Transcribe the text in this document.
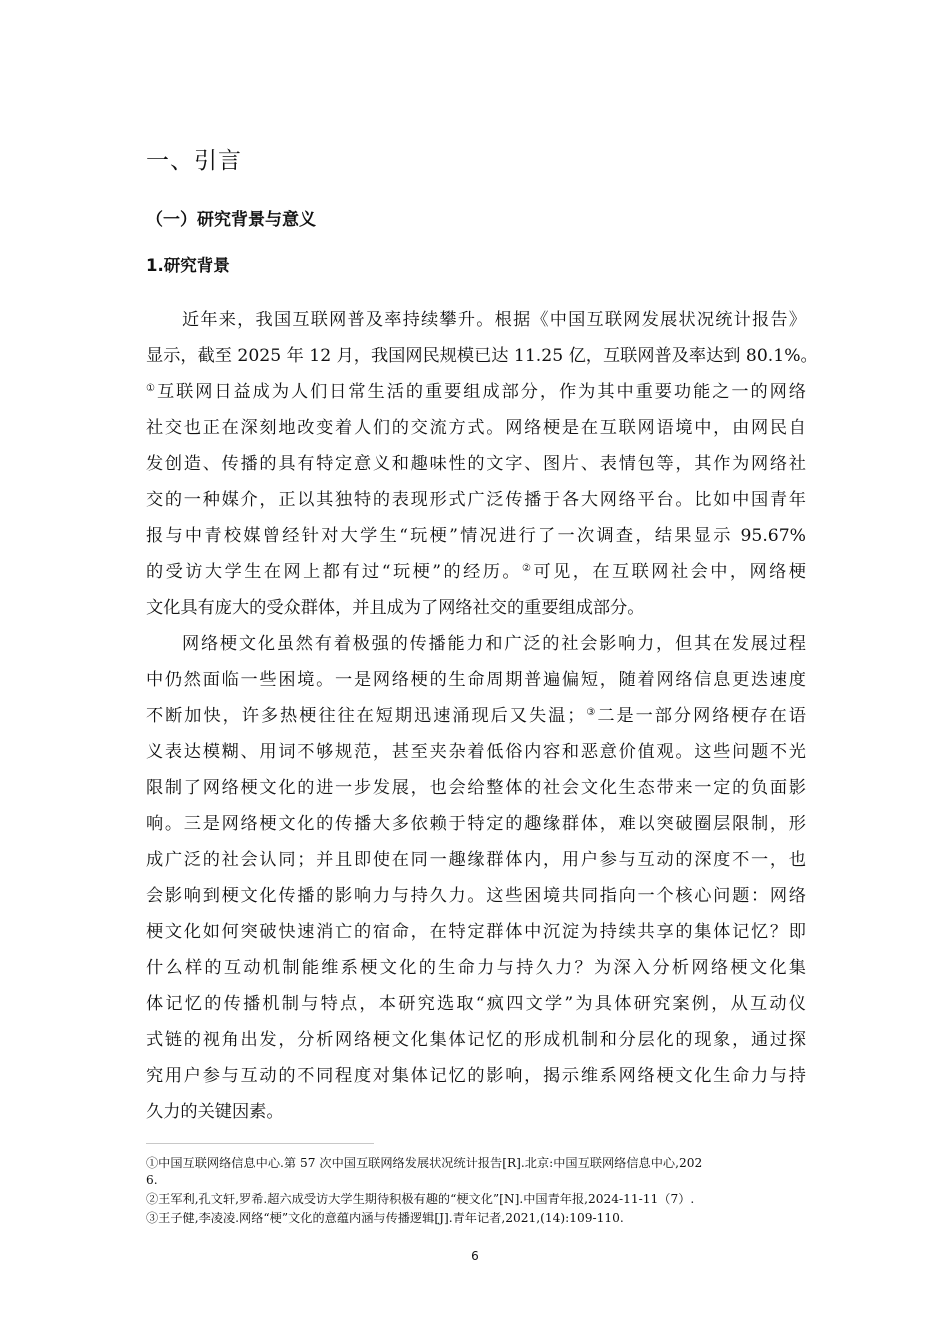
一、引言
（一）研究背景与意义
1.研究背景
近年来，我国互联网普及率持续攀升。根据《中国互联网发展状况统计报告》
显示，截至 2025 年 12 月，我国网民规模已达 11.25 亿，互联网普及率达到 80.1%。
①互联网日益成为人们日常生活的重要组成部分，作为其中重要功能之一的网络
社交也正在深刻地改变着人们的交流方式。网络梗是在互联网语境中，由网民自
发创造、传播的具有特定意义和趣味性的文字、图片、表情包等，其作为网络社
交的一种媒介，正以其独特的表现形式广泛传播于各大网络平台。比如中国青年
报与中青校媒曾经针对大学生“玩梗”情况进行了一次调查，结果显示 95.67%
的受访大学生在网上都有过“玩梗”的经历。②可见，在互联网社会中，网络梗
文化具有庞大的受众群体，并且成为了网络社交的重要组成部分。
网络梗文化虽然有着极强的传播能力和广泛的社会影响力，但其在发展过程
中仍然面临一些困境。一是网络梗的生命周期普遍偏短，随着网络信息更迭速度
不断加快，许多热梗往往在短期迅速涌现后又失温；③二是一部分网络梗存在语
义表达模糊、用词不够规范，甚至夹杂着低俗内容和恶意价值观。这些问题不光
限制了网络梗文化的进一步发展，也会给整体的社会文化生态带来一定的负面影
响。三是网络梗文化的传播大多依赖于特定的趣缘群体，难以突破圈层限制，形
成广泛的社会认同；并且即使在同一趣缘群体内，用户参与互动的深度不一，也
会影响到梗文化传播的影响力与持久力。这些困境共同指向一个核心问题：网络
梗文化如何突破快速消亡的宿命，在特定群体中沉淀为持续共享的集体记忆？即
什么样的互动机制能维系梗文化的生命力与持久力？为深入分析网络梗文化集
体记忆的传播机制与特点，本研究选取“疯四文学”为具体研究案例，从互动仪
式链的视角出发，分析网络梗文化集体记忆的形成机制和分层化的现象，通过探
究用户参与互动的不同程度对集体记忆的影响，揭示维系网络梗文化生命力与持
久力的关键因素。
①中国互联网络信息中心.第 57 次中国互联网络发展状况统计报告[R].北京:中国互联网络信息中心,202
6.
②王军利,孔文轩,罗希.超六成受访大学生期待积极有趣的“梗文化”[N].中国青年报,2024-11-11（7）.
③王子健,李凌凌.网络“梗”文化的意蕴内涵与传播逻辑[J].青年记者,2021,(14):109-110.
6
